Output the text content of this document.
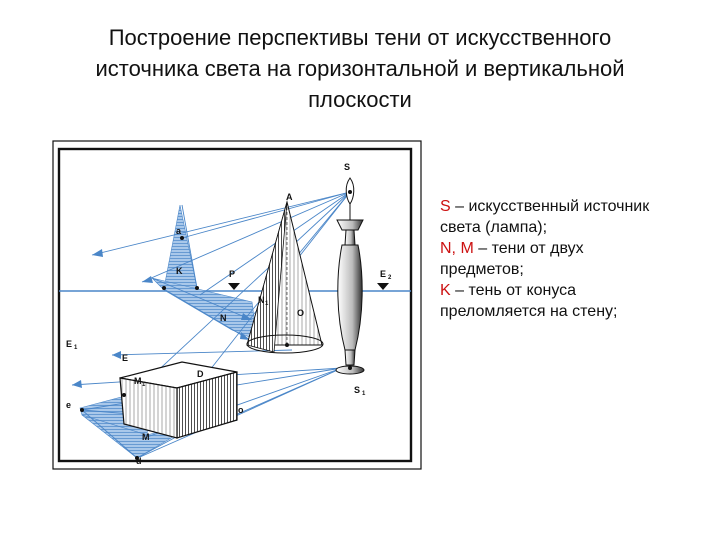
Построение перспективы тени от искусственного
источника света на горизонтальной и вертикальной
плоскости
S
A
a
K	P	E 2
N 1
N	O
E 1
E
D
M 1	S 1
e
M
d
o
S – искусственный источник
света (лампа);
N, M – тени от двух
предметов;
K – тень от конуса
преломляется на стену;
